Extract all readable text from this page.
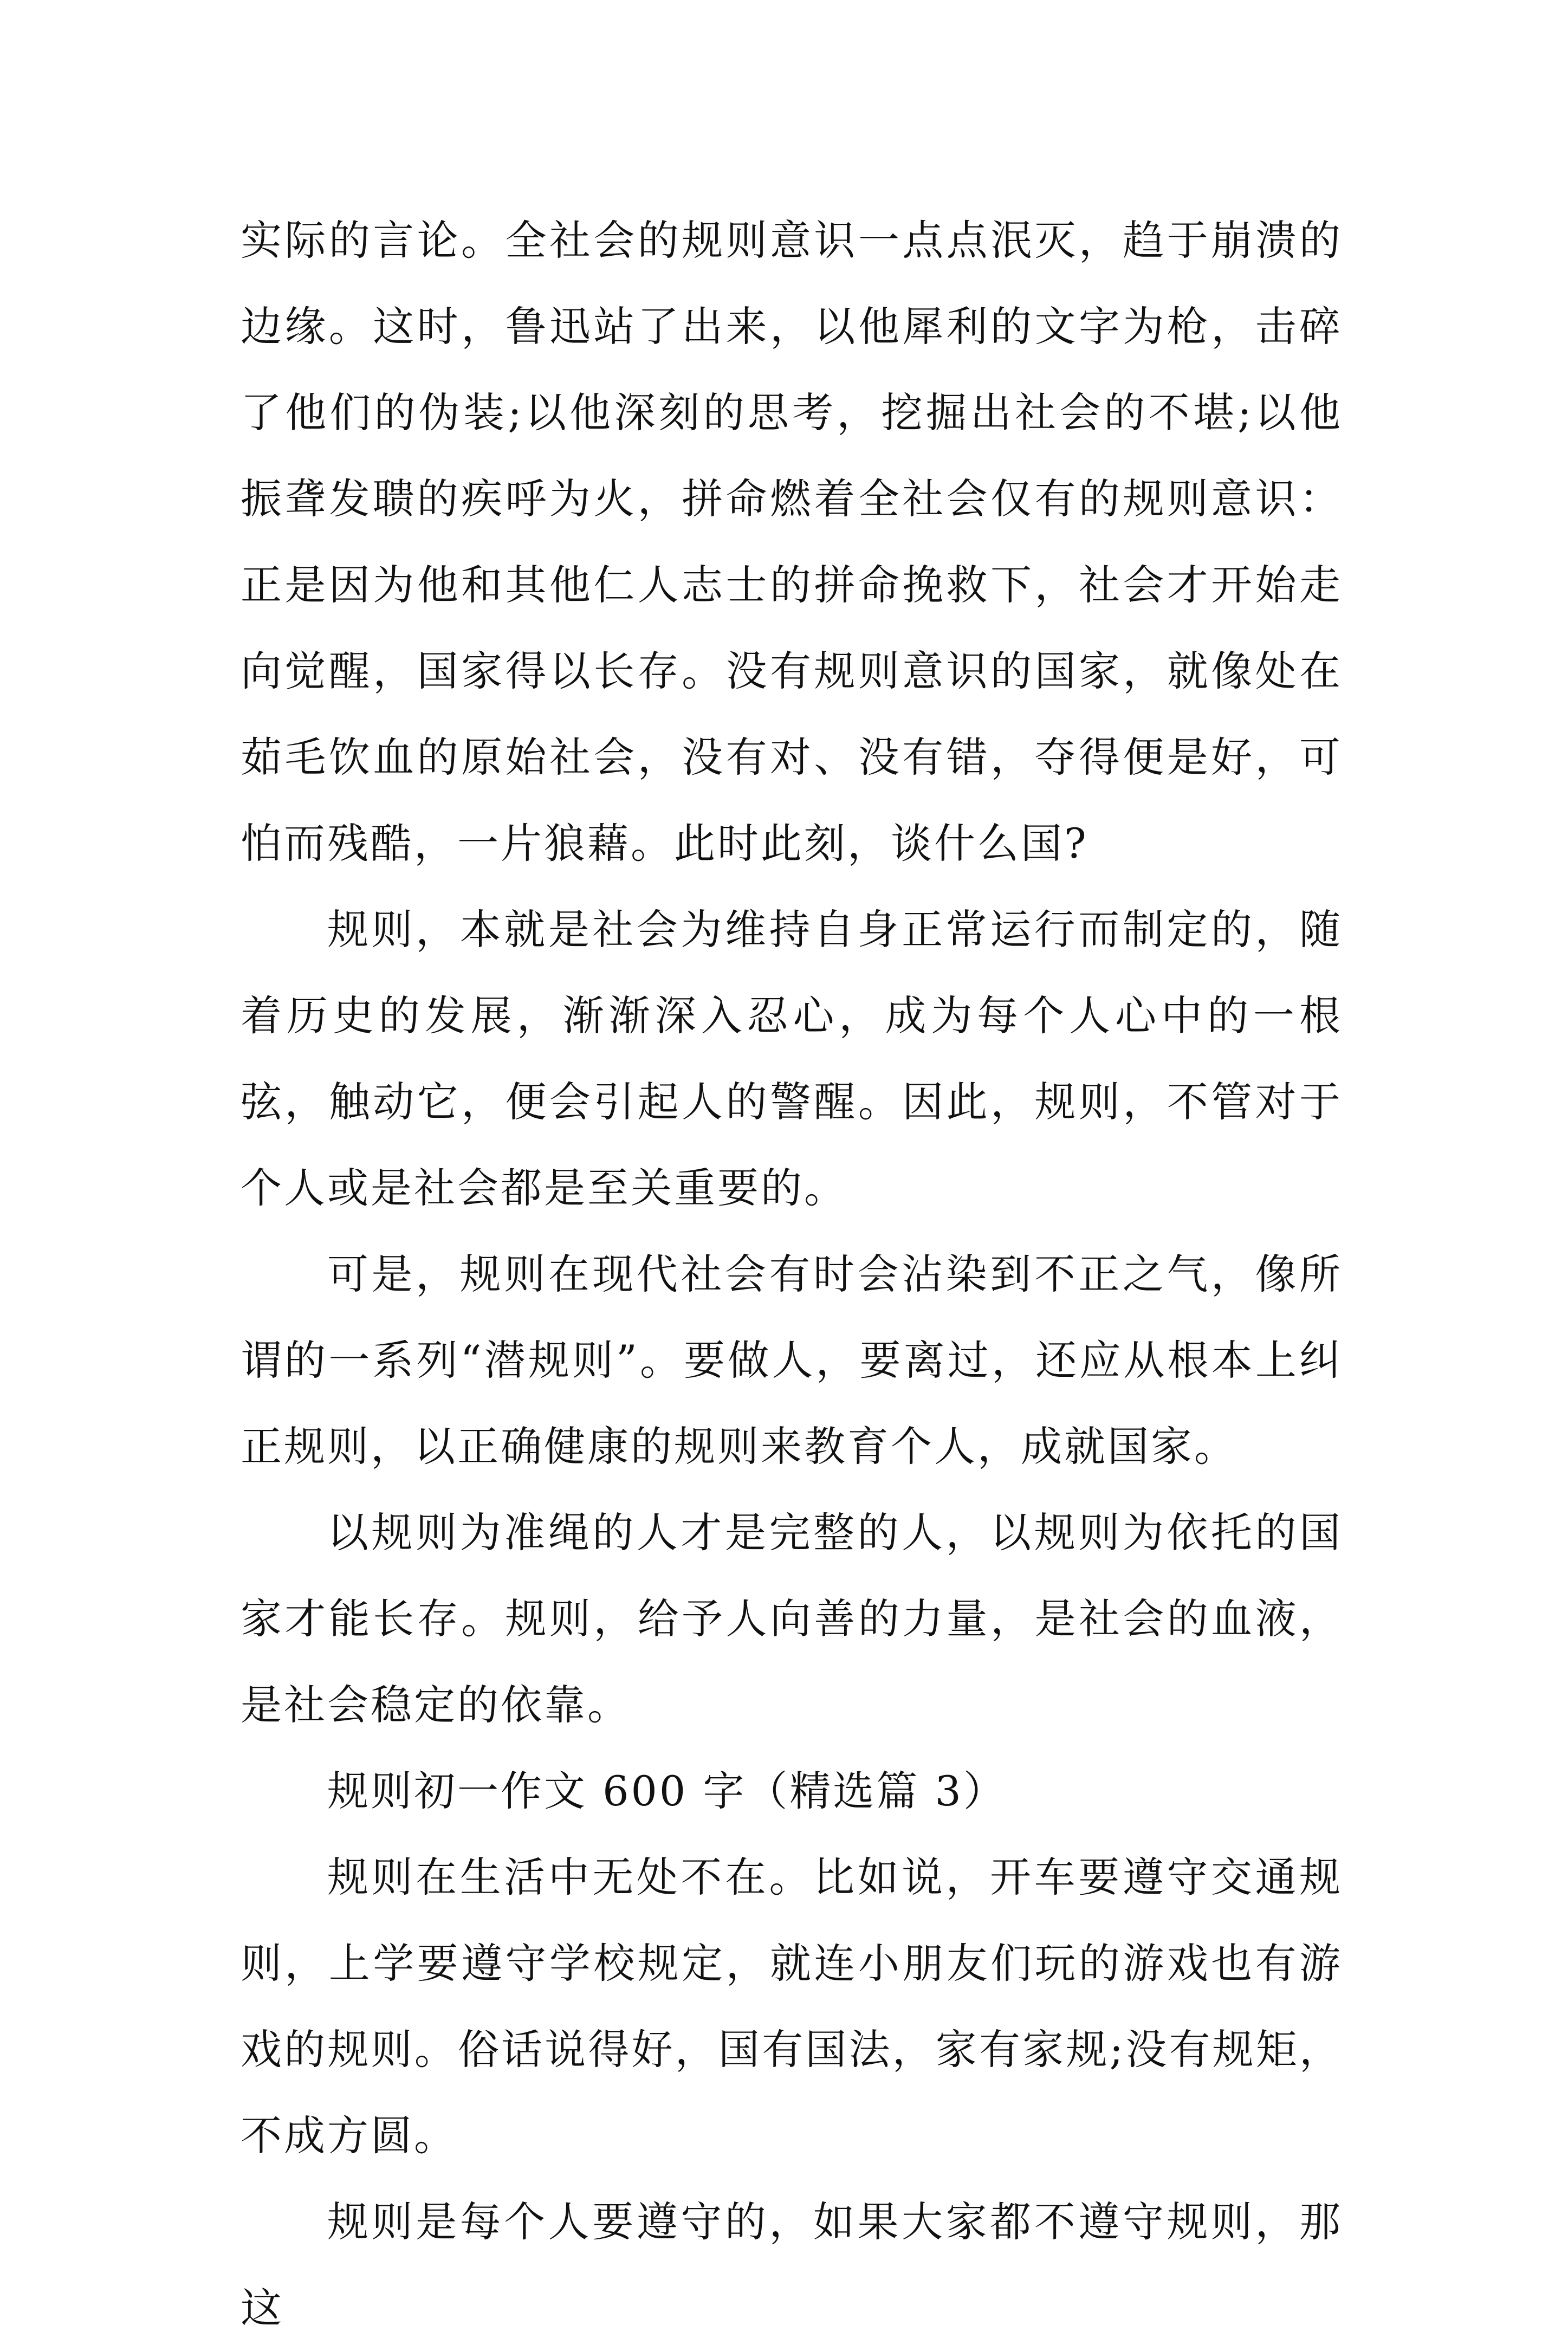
实际的言论。全社会的规则意识一点点泯灭，趋于崩溃的边缘。这时，鲁迅站了出来，以他犀利的文字为枪，击碎了他们的伪装;以他深刻的思考，挖掘出社会的不堪;以他振聋发聩的疾呼为火，拼命燃着全社会仅有的规则意识：正是因为他和其他仁人志士的拼命挽救下，社会才开始走向觉醒，国家得以长存。没有规则意识的国家，就像处在茹毛饮血的原始社会，没有对、没有错，夺得便是好，可怕而残酷，一片狼藉。此时此刻，谈什么国?

规则，本就是社会为维持自身正常运行而制定的，随着历史的发展，渐渐深入忍心，成为每个人心中的一根弦，触动它，便会引起人的警醒。因此，规则，不管对于个人或是社会都是至关重要的。

可是，规则在现代社会有时会沾染到不正之气，像所谓的一系列“潜规则”。要做人，要离过，还应从根本上纠正规则，以正确健康的规则来教育个人，成就国家。

以规则为准绳的人才是完整的人，以规则为依托的国家才能长存。规则，给予人向善的力量，是社会的血液，是社会稳定的依靠。

规则初一作文 600 字（精选篇 3）

规则在生活中无处不在。比如说，开车要遵守交通规则，上学要遵守学校规定，就连小朋友们玩的游戏也有游戏的规则。俗话说得好，国有国法，家有家规;没有规矩，不成方圆。

规则是每个人要遵守的，如果大家都不遵守规则，那这
